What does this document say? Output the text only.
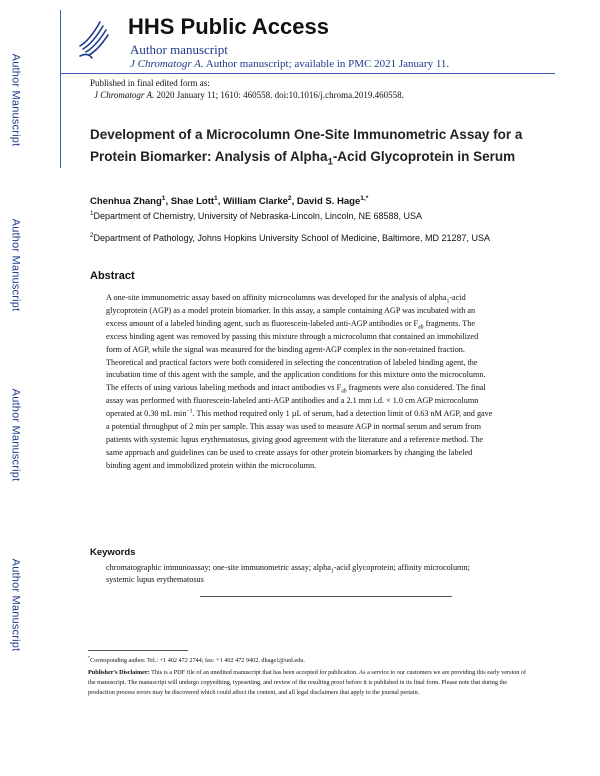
Author Manuscript
Author Manuscript
Author Manuscript
Author Manuscript
HHS Public Access
Author manuscript
J Chromatogr A. Author manuscript; available in PMC 2021 January 11.
Published in final edited form as:
J Chromatogr A. 2020 January 11; 1610: 460558. doi:10.1016/j.chroma.2019.460558.
Development of a Microcolumn One-Site Immunometric Assay for a Protein Biomarker: Analysis of Alpha$_1$-Acid Glycoprotein in Serum
Chenhua Zhang$^1$, Shae Lott$^1$, William Clarke$^2$, David S. Hage$^{1,*}$
$^1$Department of Chemistry, University of Nebraska-Lincoln, Lincoln, NE 68588, USA
$^2$Department of Pathology, Johns Hopkins University School of Medicine, Baltimore, MD 21287, USA
Abstract
A one-site immunometric assay based on affinity microcolumns was developed for the analysis of alpha$_1$-acid glycoprotein (AGP) as a model protein biomarker. In this assay, a sample containing AGP was incubated with an excess amount of a labeled binding agent, such as fluorescein-labeled anti-AGP antibodies or $F_{ab}$ fragments. The excess binding agent was removed by passing this mixture through a microcolumn that contained an immobilized form of AGP, while the signal was measured for the binding agent-AGP complex in the non-retained fraction. Theoretical and practical factors were both considered in selecting the concentration of labeled binding agent, the incubation time of this agent with the sample, and the application conditions for this mixture onto the microcolumn. The effects of using various labeling methods and intact antibodies vs $F_{ab}$ fragments were also considered. The final assay was performed with fluorescein-labeled anti-AGP antibodies and a 2.1 mm i.d. × 1.0 cm AGP microcolumn operated at 0.30 mL $\min^{-1}$. This method required only 1 µL of serum, had a detection limit of 0.63 nM AGP, and gave a potential throughput of 2 min per sample. This assay was used to measure AGP in normal serum and serum from patients with systemic lupus erythematosus, giving good agreement with the literature and a reference method. The same approach and guidelines can be used to create assays for other protein biomarkers by changing the labeled binding agent and immobilized protein within the microcolumn.
Keywords
chromatographic immunoassay; one-site immunometric assay; alpha$_1$-acid glycoprotein; affinity microcolumn; systemic lupus erythematosus
*Corresponding author. Tel.: +1 402 472 2744; fax: +1 402 472 9402. dhage1@unl.edu.
Publisher's Disclaimer: This is a PDF file of an unedited manuscript that has been accepted for publication. As a service to our customers we are providing this early version of the manuscript. The manuscript will undergo copyediting, typesetting, and review of the resulting proof before it is published in its final form. Please note that during the production process errors may be discovered which could affect the content, and all legal disclaimers that apply to the journal pertain.
